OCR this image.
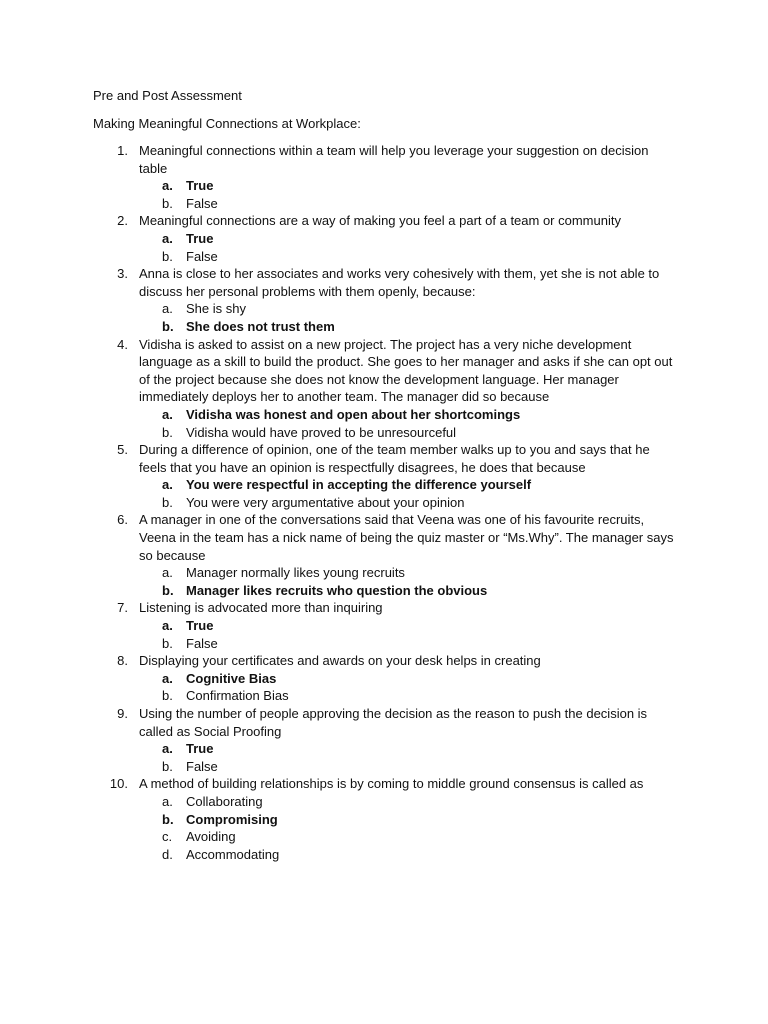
Pre and Post Assessment
Making Meaningful Connections at Workplace:
1. Meaningful connections within a team will help you leverage your suggestion on decision table
a. True
b. False
2. Meaningful connections are a way of making you feel a part of a team or community
a. True
b. False
3. Anna is close to her associates and works very cohesively with them, yet she is not able to discuss her personal problems with them openly, because:
a. She is shy
b. She does not trust them
4. Vidisha is asked to assist on a new project. The project has a very niche development language as a skill to build the product. She goes to her manager and asks if she can opt out of the project because she does not know the development language. Her manager immediately deploys her to another team. The manager did so because
a. Vidisha was honest and open about her shortcomings
b. Vidisha would have proved to be unresourceful
5. During a difference of opinion, one of the team member walks up to you and says that he feels that you have an opinion is respectfully disagrees, he does that because
a. You were respectful in accepting the difference yourself
b. You were very argumentative about your opinion
6. A manager in one of the conversations said that Veena was one of his favourite recruits, Veena in the team has a nick name of being the quiz master or “Ms.Why”. The manager says so because
a. Manager normally likes young recruits
b. Manager likes recruits who question the obvious
7. Listening is advocated more than inquiring
a. True
b. False
8. Displaying your certificates and awards on your desk helps in creating
a. Cognitive Bias
b. Confirmation Bias
9. Using the number of people approving the decision as the reason to push the decision is called as Social Proofing
a. True
b. False
10. A method of building relationships is by coming to middle ground consensus is called as
a. Collaborating
b. Compromising
c. Avoiding
d. Accommodating
